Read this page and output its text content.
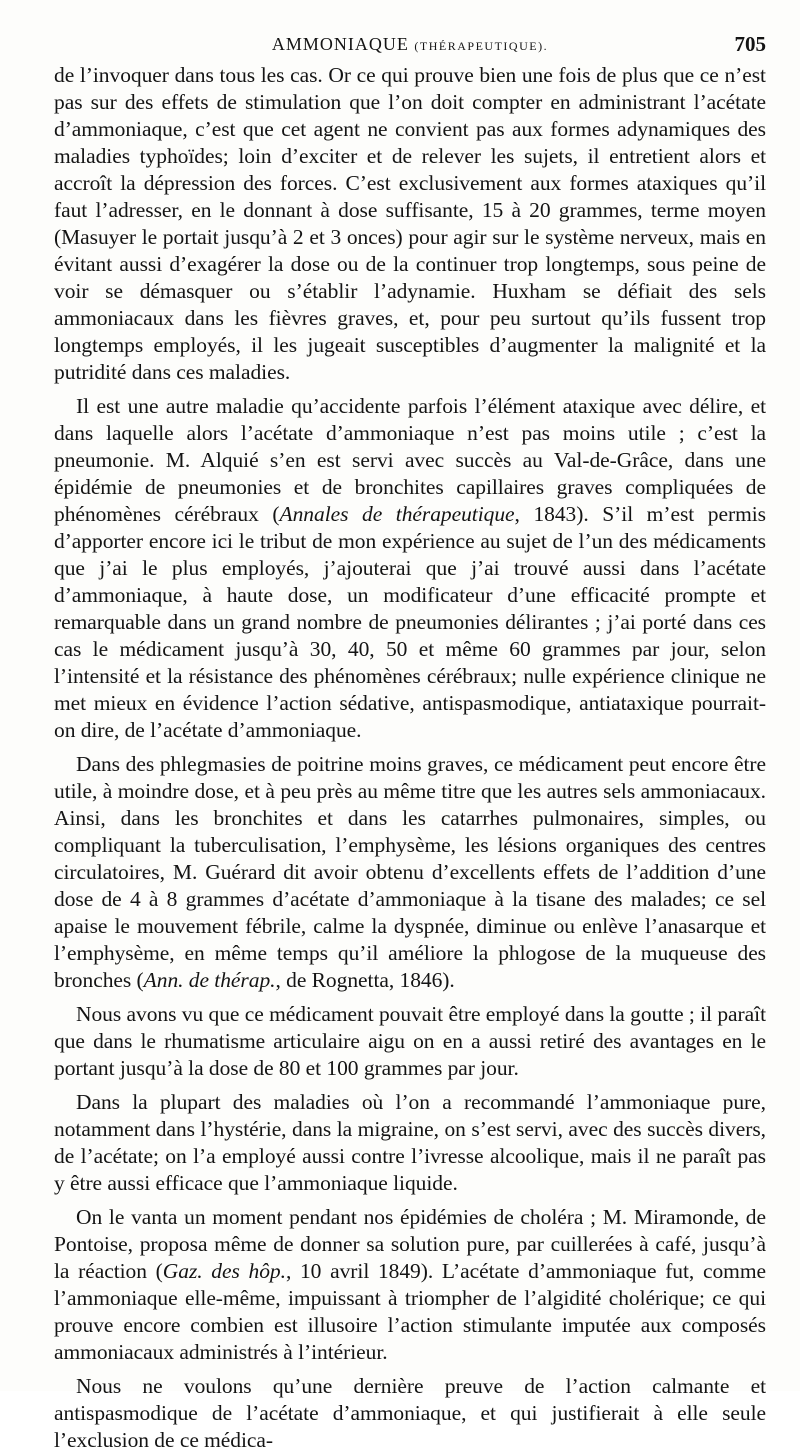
AMMONIAQUE (THÉRAPEUTIQUE).	705

de l’invoquer dans tous les cas. Or ce qui prouve bien une fois de plus que ce n’est pas sur des effets de stimulation que l’on doit compter en administrant l’acétate d’ammoniaque, c’est que cet agent ne convient pas aux formes adynamiques des maladies typhoïdes; loin d’exciter et de relever les sujets, il entretient alors et accroît la dépression des forces. C’est exclusivement aux formes ataxiques qu’il faut l’adresser, en le donnant à dose suffisante, 15 à 20 grammes, terme moyen (Masuyer le portait jusqu’à 2 et 3 onces) pour agir sur le système nerveux, mais en évitant aussi d’exagérer la dose ou de la continuer trop longtemps, sous peine de voir se démasquer ou s’établir l’adynamie. Huxham se défiait des sels ammoniacaux dans les fièvres graves, et, pour peu surtout qu’ils fussent trop longtemps employés, il les jugeait susceptibles d’augmenter la malignité et la putridité dans ces maladies.

Il est une autre maladie qu’accidente parfois l’élément ataxique avec délire, et dans laquelle alors l’acétate d’ammoniaque n’est pas moins utile ; c’est la pneumonie. M. Alquié s’en est servi avec succès au Val-de-Grâce, dans une épidémie de pneumonies et de bronchites capillaires graves compliquées de phénomènes cérébraux (Annales de thérapeutique, 1843). S’il m’est permis d’apporter encore ici le tribut de mon expérience au sujet de l’un des médicaments que j’ai le plus employés, j’ajouterai que j’ai trouvé aussi dans l’acétate d’ammoniaque, à haute dose, un modificateur d’une efficacité prompte et remarquable dans un grand nombre de pneumonies délirantes ; j’ai porté dans ces cas le médicament jusqu’à 30, 40, 50 et même 60 grammes par jour, selon l’intensité et la résistance des phénomènes cérébraux; nulle expérience clinique ne met mieux en évidence l’action sédative, antispasmodique, antiataxique pourrait-on dire, de l’acétate d’ammoniaque.

Dans des phlegmasies de poitrine moins graves, ce médicament peut encore être utile, à moindre dose, et à peu près au même titre que les autres sels ammoniacaux. Ainsi, dans les bronchites et dans les catarrhes pulmonaires, simples, ou compliquant la tuberculisation, l’emphysème, les lésions organiques des centres circulatoires, M. Guérard dit avoir obtenu d’excellents effets de l’addition d’une dose de 4 à 8 grammes d’acétate d’ammoniaque à la tisane des malades; ce sel apaise le mouvement fébrile, calme la dyspnée, diminue ou enlève l’anasarque et l’emphysème, en même temps qu’il améliore la phlogose de la muqueuse des bronches (Ann. de thérap., de Rognetta, 1846).

Nous avons vu que ce médicament pouvait être employé dans la goutte ; il paraît que dans le rhumatisme articulaire aigu on en a aussi retiré des avantages en le portant jusqu’à la dose de 80 et 100 grammes par jour.

Dans la plupart des maladies où l’on a recommandé l’ammoniaque pure, notamment dans l’hystérie, dans la migraine, on s’est servi, avec des succès divers, de l’acétate; on l’a employé aussi contre l’ivresse alcoolique, mais il ne paraît pas y être aussi efficace que l’ammoniaque liquide.

On le vanta un moment pendant nos épidémies de choléra ; M. Miramonde, de Pontoise, proposa même de donner sa solution pure, par cuillerées à café, jusqu’à la réaction (Gaz. des hôp., 10 avril 1849). L’acétate d’ammoniaque fut, comme l’ammoniaque elle-même, impuissant à triompher de l’algidité cholérique; ce qui prouve encore combien est illusoire l’action stimulante imputée aux composés ammoniacaux administrés à l’intérieur.

Nous ne voulons qu’une dernière preuve de l’action calmante et antispasmodique de l’acétate d’ammoniaque, et qui justifierait à elle seule l’exclusion de ce médica-
